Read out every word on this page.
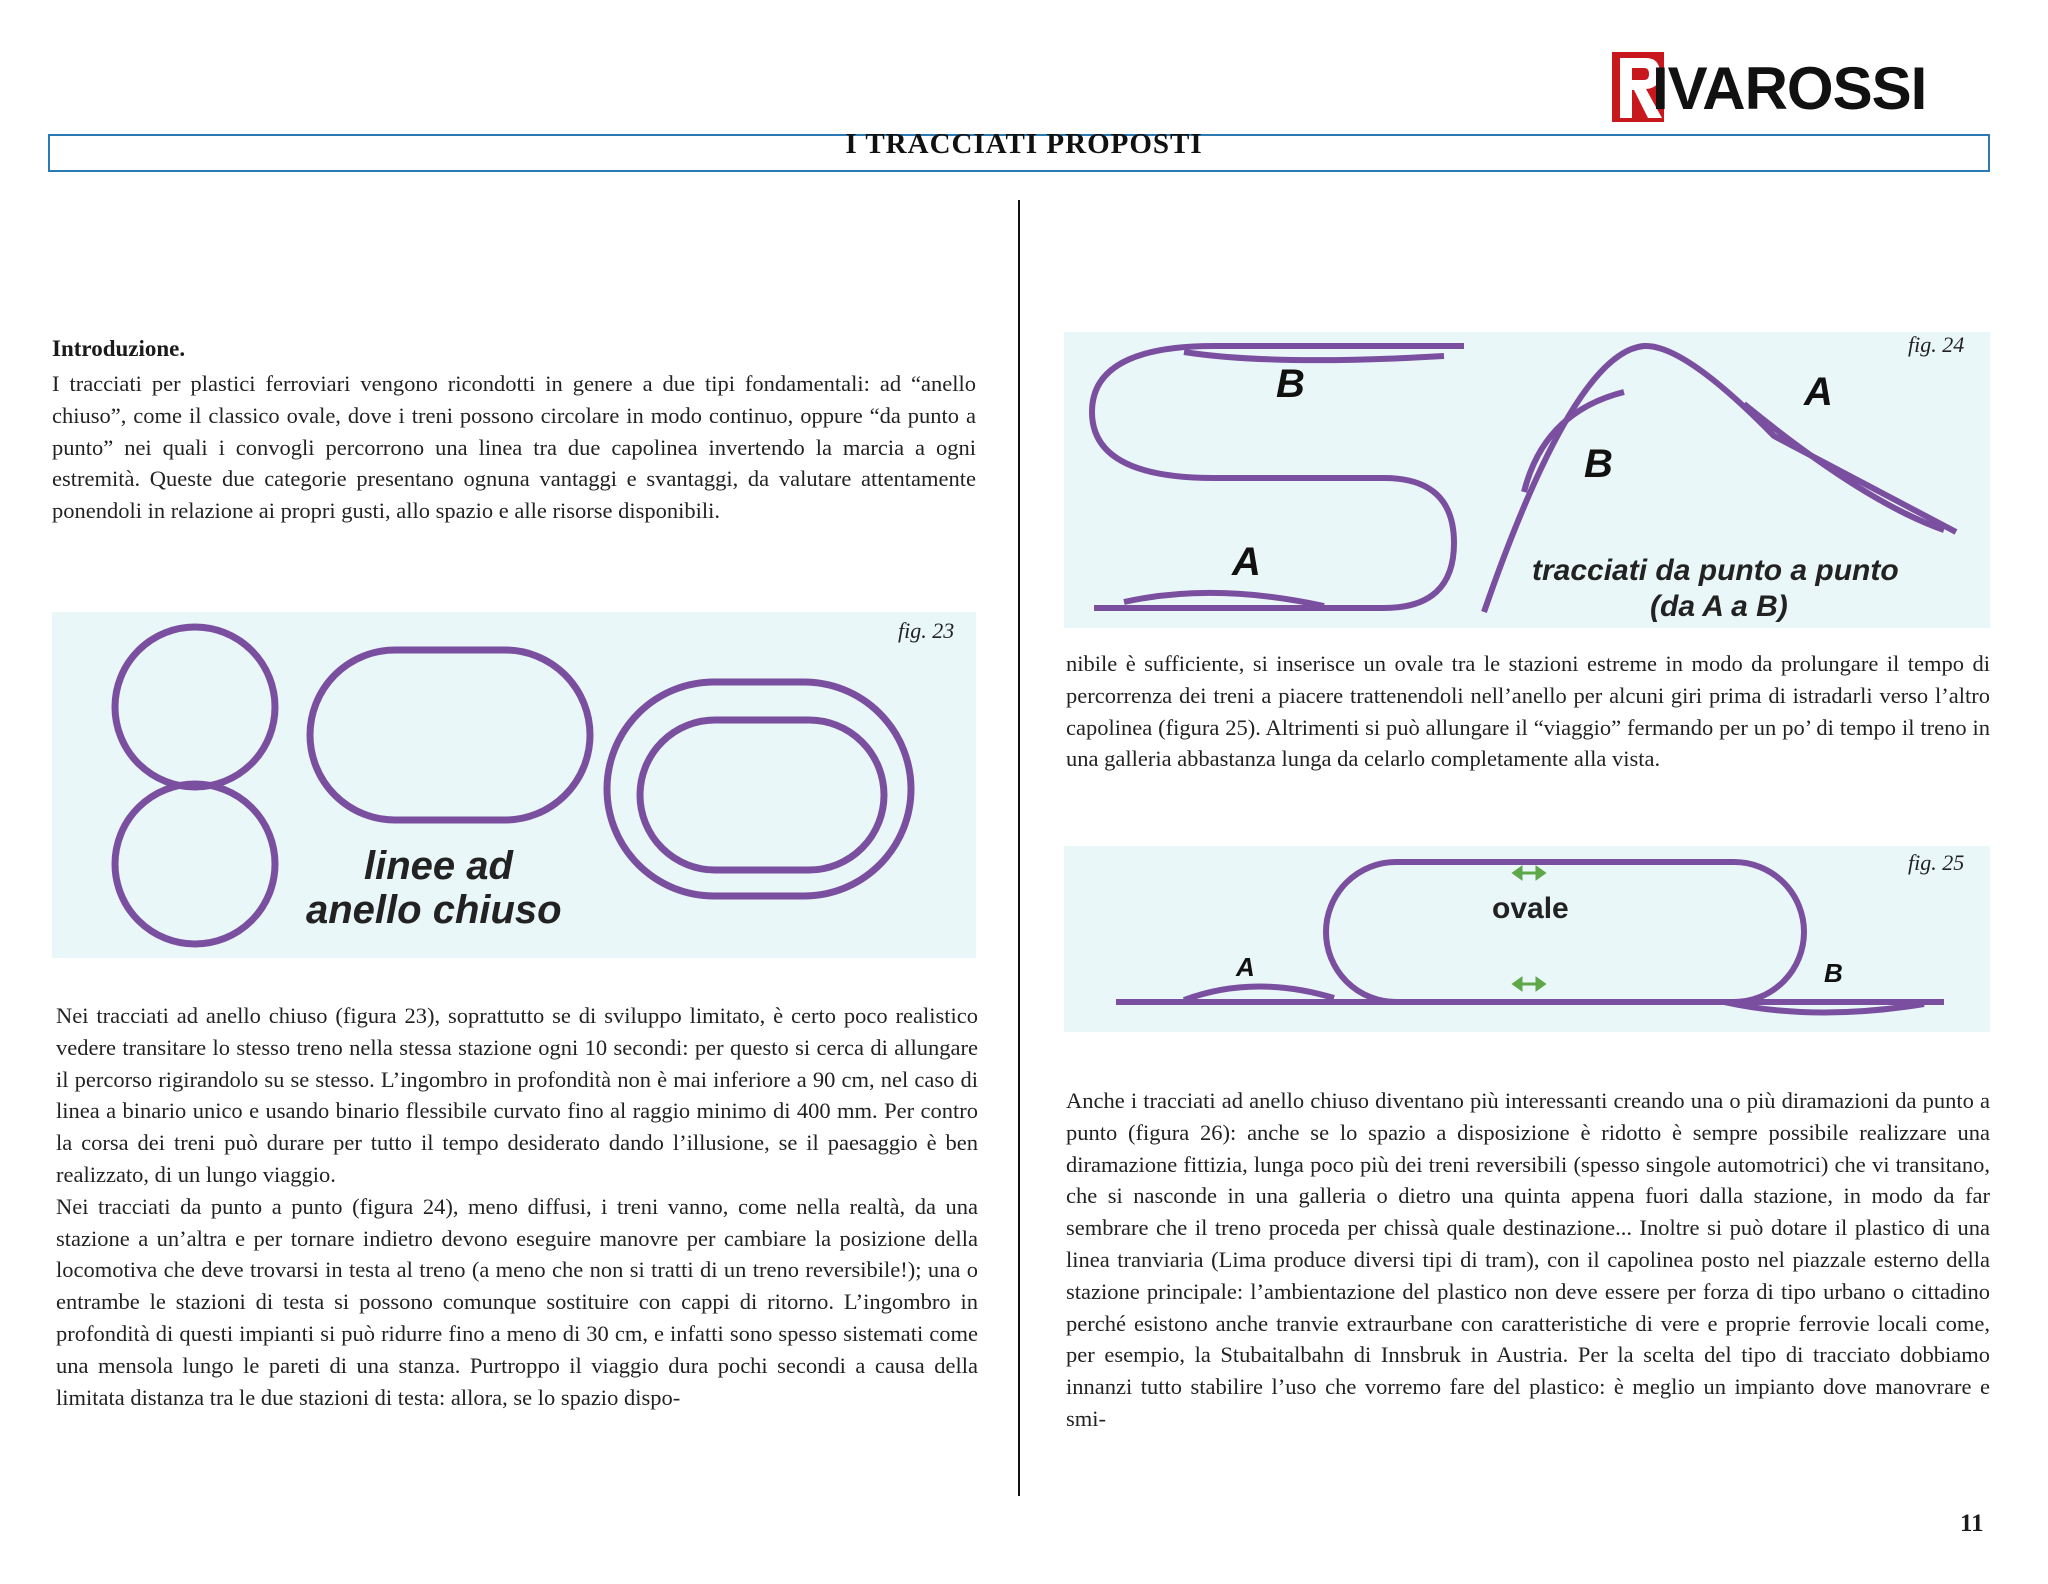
IVAROSSI
I TRACCIATI PROPOSTI
Introduzione.

I tracciati per plastici ferroviari vengono ricondotti in genere a due tipi fondamentali: ad “anello chiuso”, come il classico ovale, dove i treni possono circolare in modo continuo, oppure “da punto a punto” nei quali i convogli percorrono una linea tra due capolinea invertendo la marcia a ogni estremità. Queste due categorie presentano ognuna vantaggi e svantaggi, da valutare attentamente ponendoli in relazione ai propri gusti, allo spazio e alle risorse disponibili.

fig. 23
linee ad
anello chiuso

Nei tracciati ad anello chiuso (figura 23), soprattutto se di sviluppo limitato, è certo poco realistico vedere transitare lo stesso treno nella stessa stazione ogni 10 secondi: per questo si cerca di allungare il percorso rigirandolo su se stesso. L’ingombro in profondità non è mai inferiore a 90 cm, nel caso di linea a binario unico e usando binario flessibile curvato fino al raggio minimo di 400 mm. Per contro la corsa dei treni può durare per tutto il tempo desiderato dando l’illusione, se il paesaggio è ben realizzato, di un lungo viaggio.

Nei tracciati da punto a punto (figura 24), meno diffusi, i treni vanno, come nella realtà, da una stazione a un’altra e per tornare indietro devono eseguire manovre per cambiare la posizione della locomotiva che deve trovarsi in testa al treno (a meno che non si tratti di un treno reversibile!); una o entrambe le stazioni di testa si possono comunque sostituire con cappi di ritorno. L’ingombro in profondità di questi impianti si può ridurre fino a meno di 30 cm, e infatti sono spesso sistemati come una mensola lungo le pareti di una stanza. Purtroppo il viaggio dura pochi secondi a causa della limitata distanza tra le due stazioni di testa: allora, se lo spazio dispo-

fig. 24
B	A
B
A	tracciati da punto a punto
(da A a B)

nibile è sufficiente, si inserisce un ovale tra le stazioni estreme in modo da prolungare il tempo di percorrenza dei treni a piacere trattenendoli nell’anello per alcuni giri prima di istradarli verso l’altro capolinea (figura 25). Altrimenti si può allungare il “viaggio” fermando per un po’ di tempo il treno in una galleria abbastanza lunga da celarlo completamente alla vista.

fig. 25
ovale
A	B

Anche i tracciati ad anello chiuso diventano più interessanti creando una o più diramazioni da punto a punto (figura 26): anche se lo spazio a disposizione è ridotto è sempre possibile realizzare una diramazione fittizia, lunga poco più dei treni reversibili (spesso singole automotrici) che vi transitano, che si nasconde in una galleria o dietro una quinta appena fuori dalla stazione, in modo da far sembrare che il treno proceda per chissà quale destinazione... Inoltre si può dotare il plastico di una linea tranviaria (Lima produce diversi tipi di tram), con il capolinea posto nel piazzale esterno della stazione principale: l’ambientazione del plastico non deve essere per forza di tipo urbano o cittadino perché esistono anche tranvie extraurbane con caratteristiche di vere e proprie ferrovie locali come, per esempio, la Stubaitalbahn di Innsbruk in Austria. Per la scelta del tipo di tracciato dobbiamo innanzi tutto stabilire l’uso che vorremo fare del plastico: è meglio un impianto dove manovrare e smi-

11
